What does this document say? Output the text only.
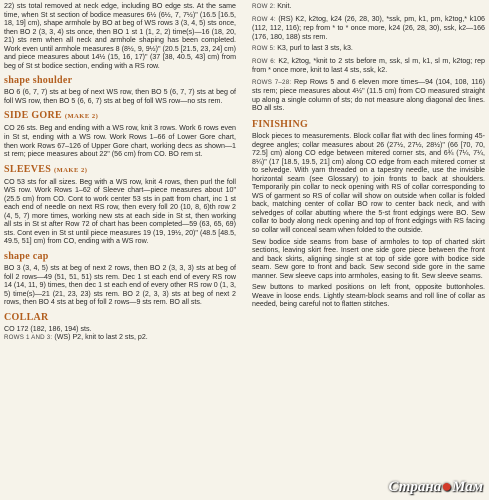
22) sts total removed at neck edge, including BO edge sts. At the same time, when St st section of bodice measures 6½ (6½, 7, 7½)" (16.5 [16.5, 18, 19] cm), shape armhole by BO at beg of WS rows 3 (3, 4, 5) sts once, then BO 2 (3, 3, 4) sts once, then BO 1 st 1 (1, 2, 2) time(s)—16 (18, 20, 21) sts rem when all neck and armhole shaping has been completed. Work even until armhole measures 8 (8½, 9, 9½)" (20.5 [21.5, 23, 24] cm) and piece measures about 14½ (15, 16, 17)" (37 [38, 40.5, 43] cm) from beg of St st bodice section, ending with a RS row.

shape shoulder

BO 6 (6, 7, 7) sts at beg of next WS row, then BO 5 (6, 7, 7) sts at beg of foll WS row, then BO 5 (6, 6, 7) sts at beg of foll WS row—no sts rem.

SIDE GORE (MAKE 2)

CO 26 sts. Beg and ending with a WS row, knit 3 rows. Work 6 rows even in St st, ending with a WS row. Work Rows 1–66 of Lower Gore chart, then work Rows 67–126 of Upper Gore chart, working decs as shown—1 st rem; piece measures about 22" (56 cm) from CO. BO rem st.

SLEEVES (MAKE 2)

CO 53 sts for all sizes. Beg with a WS row, knit 4 rows, then purl the foll WS row. Work Rows 1–62 of Sleeve chart—piece measures about 10" (25.5 cm) from CO. Cont to work center 53 sts in patt from chart, inc 1 st each end of needle on next RS row, then every foll 20 (10, 8, 6)th row 2 (4, 5, 7) more times, working new sts at each side in St st, then working all sts in St st after Row 72 of chart has been completed—59 (63, 65, 69) sts. Cont even in St st until piece measures 19 (19, 19½, 20)" (48.5 [48.5, 49.5, 51] cm) from CO, ending with a WS row.

shape cap

BO 3 (3, 4, 5) sts at beg of next 2 rows, then BO 2 (3, 3, 3) sts at beg of foll 2 rows—49 (51, 51, 51) sts rem. Dec 1 st each end of every RS row 14 (14, 11, 9) times, then dec 1 st each end of every other RS row 0 (1, 3, 5) time(s)—21 (21, 23, 23) sts rem. BO 2 (2, 3, 3) sts at beg of next 2 rows, then BO 4 sts at beg of foll 2 rows—9 sts rem. BO all sts.

COLLAR

CO 172 (182, 186, 194) sts.

ROWS 1 AND 3: (WS) P2, knit to last 2 sts, p2.

ROW 2: Knit.

ROW 4: (RS) K2, k2tog, k24 (26, 28, 30), *ssk, pm, k1, pm, k2tog,* k106 (112, 112, 116); rep from * to * once more, k24 (26, 28, 30), ssk, k2—166 (176, 180, 188) sts rem.

ROW 5: K3, purl to last 3 sts, k3.

ROW 6: K2, k2tog, *knit to 2 sts before m, ssk, sl m, k1, sl m, k2tog; rep from * once more, knit to last 4 sts, ssk, k2.

ROWS 7–28: Rep Rows 5 and 6 eleven more times—94 (104, 108, 116) sts rem; piece measures about 4½" (11.5 cm) from CO measured straight up along a single column of sts; do not measure along diagonal dec lines. BO all sts.

FINISHING

Block pieces to measurements. Block collar flat with dec lines forming 45-degree angles; collar measures about 26 (27½, 27½, 28½)" (66 [70, 70, 72.5] cm) along CO edge between mitered corner sts, and 6¾ (7¼, 7¼, 8¼)" (17 [18.5, 19.5, 21] cm) along CO edge from each mitered corner st to selvedge. With yarn threaded on a tapestry needle, use the invisible horizontal seam (see Glossary) to join fronts to back at shoulders. Temporarily pin collar to neck opening with RS of collar corresponding to WS of garment so RS of collar will show on outside when collar is folded back, matching center of collar BO row to center back neck, and with selvedges of collar abutting where the 5-st front edgings were BO. Sew collar to body along neck opening and top of front edgings with RS facing so collar will conceal seam when folded to the outside.

Sew bodice side seams from base of armholes to top of charted skirt sections, leaving skirt free. Insert one side gore piece between the front and back skirts, aligning single st at top of side gore with bodice side seam. Sew gore to front and back. Sew second side gore in the same manner. Sew sleeve caps into armholes, easing to fit. Sew sleeve seams.

Sew buttons to marked positions on left front, opposite buttonholes. Weave in loose ends. Lightly steam-block seams and roll line of collar as needed, being careful not to flatten stitches.

Страна●Мам
